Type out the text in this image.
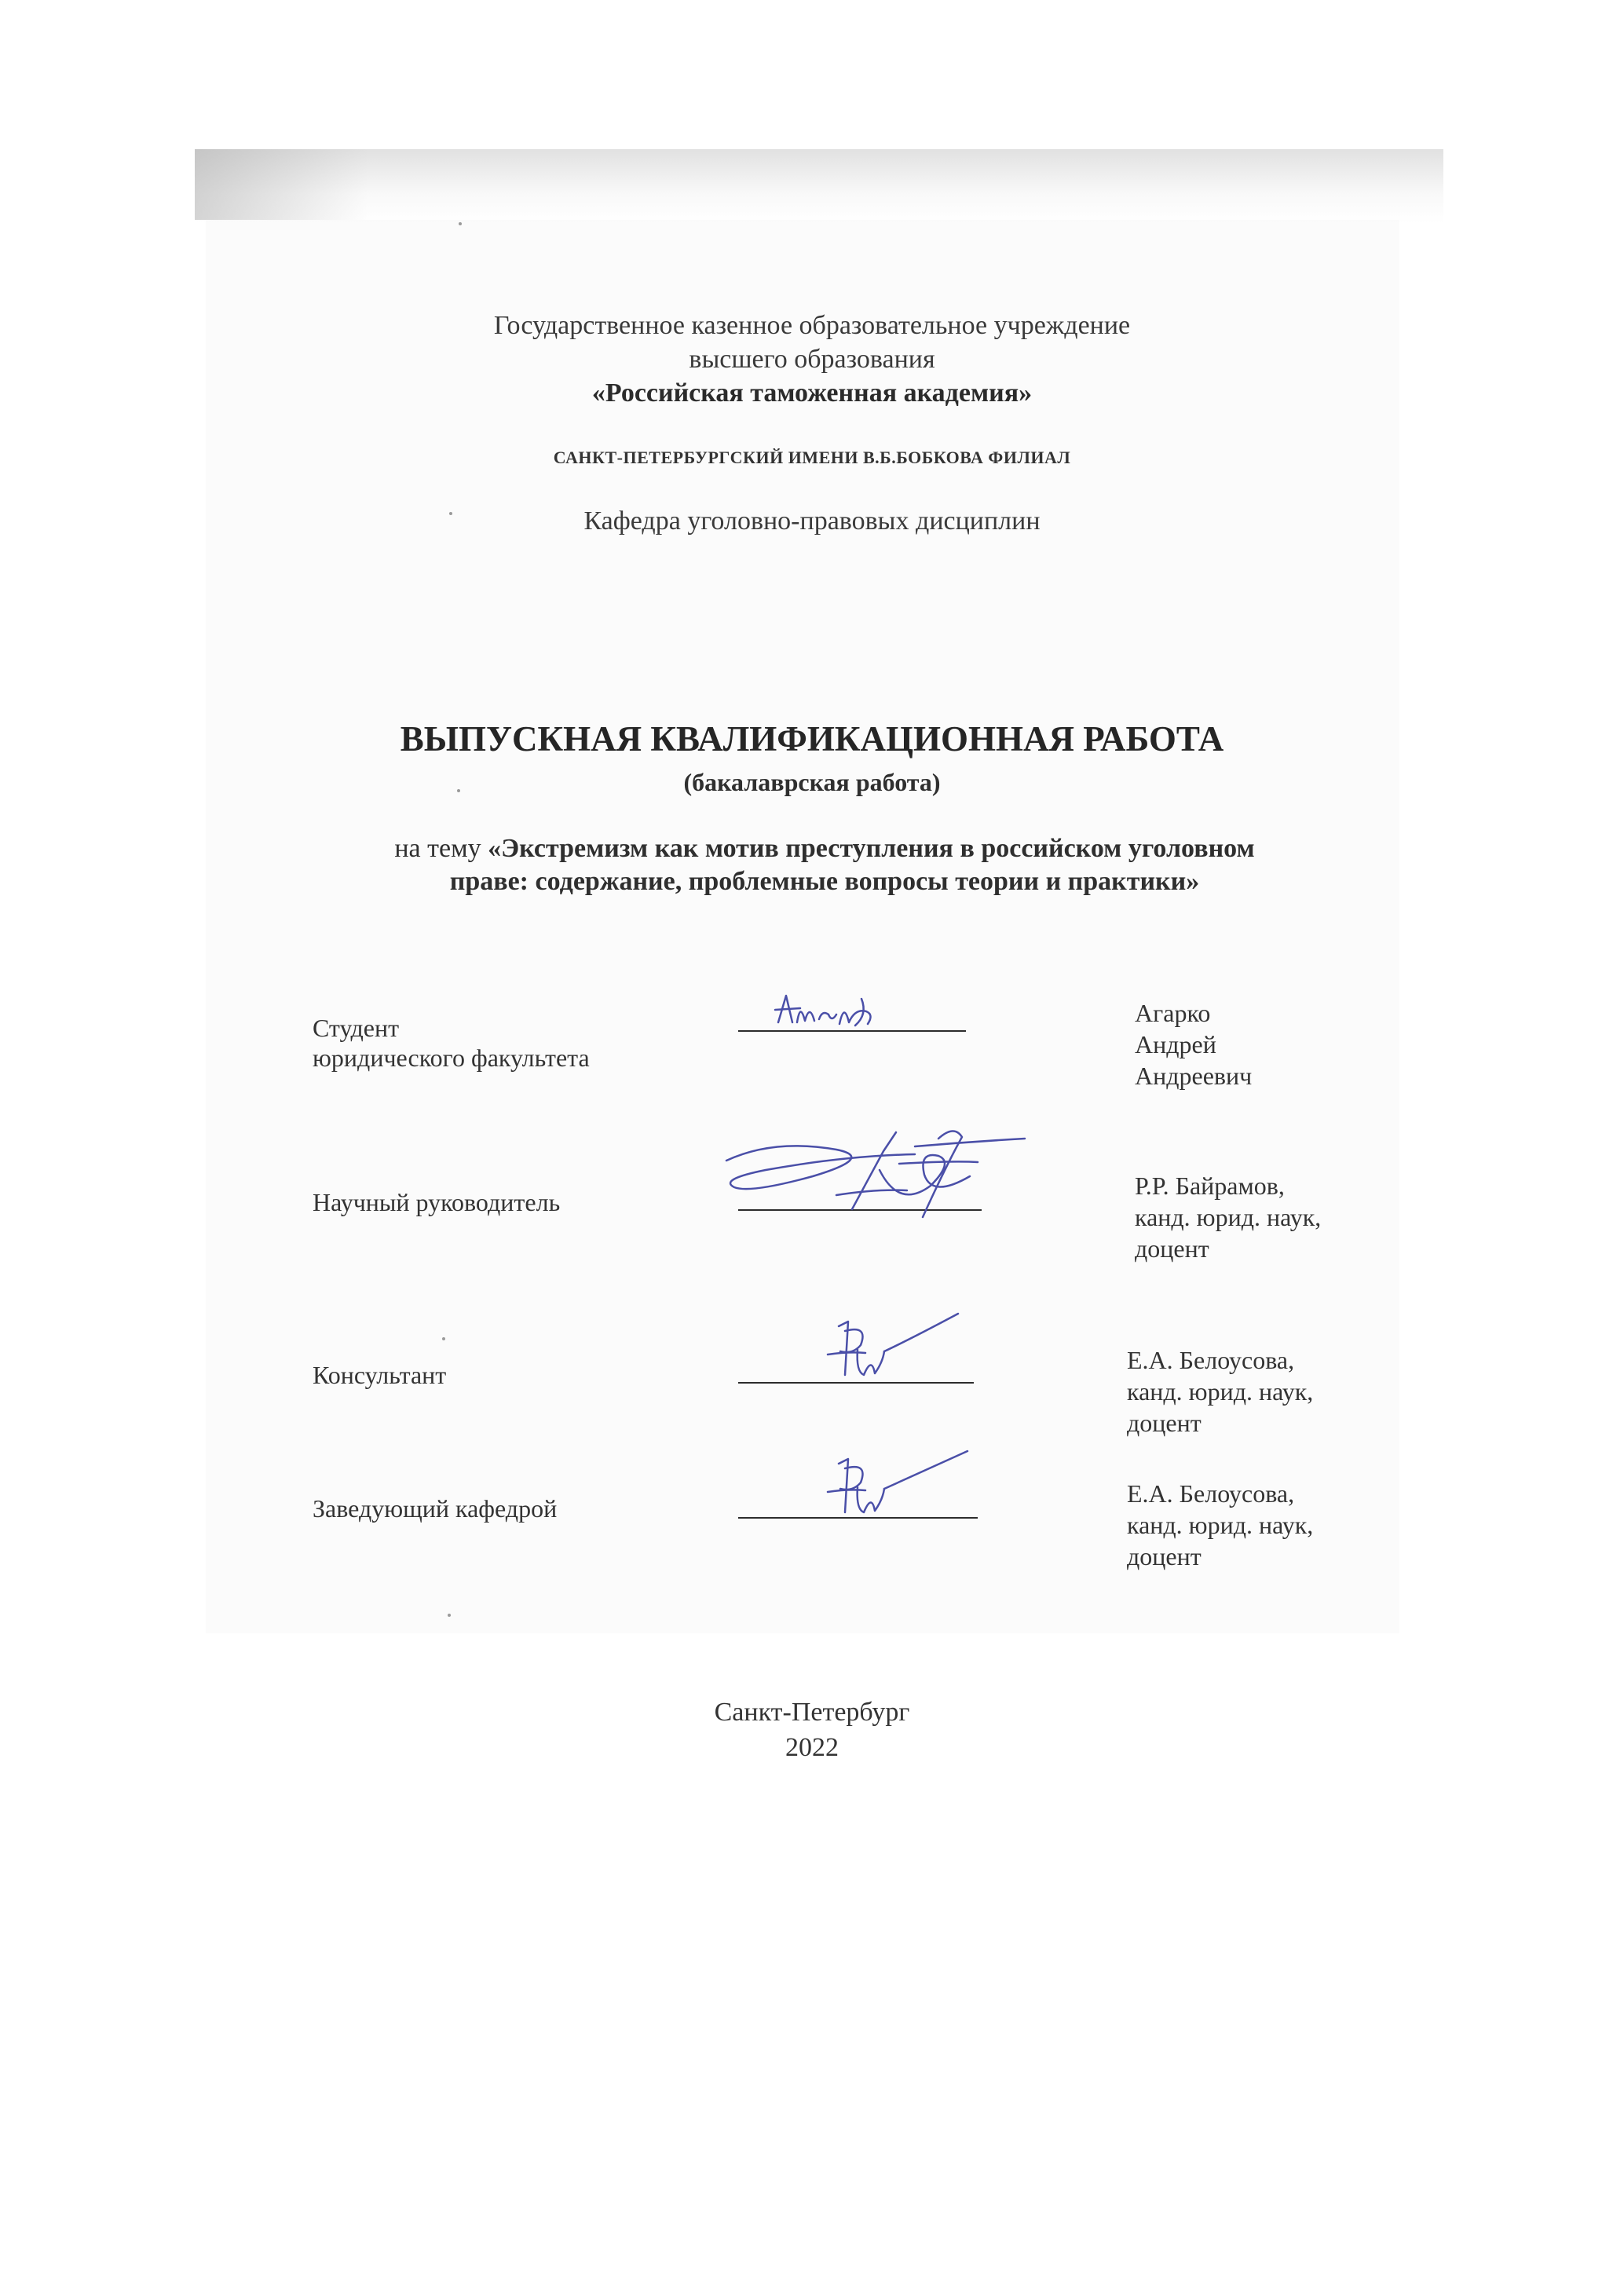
Государственное казенное образовательное учреждение
высшего образования
«Российская таможенная академия»
САНКТ-ПЕТЕРБУРГСКИЙ ИМЕНИ В.Б.БОБКОВА ФИЛИАЛ
Кафедра уголовно-правовых дисциплин
ВЫПУСКНАЯ КВАЛИФИКАЦИОННАЯ РАБОТА
(бакалаврская работа)
на тему «Экстремизм как мотив преступления в российском уголовном
праве: содержание, проблемные вопросы теории и практики»
Студент
юридического факультета
Агарко
Андрей
Андреевич
Научный руководитель
Р.Р. Байрамов,
канд. юрид. наук,
доцент
Консультант
Е.А. Белоусова,
канд. юрид. наук,
доцент
Заведующий кафедрой
Е.А. Белоусова,
канд. юрид. наук,
доцент
Санкт-Петербург
2022
